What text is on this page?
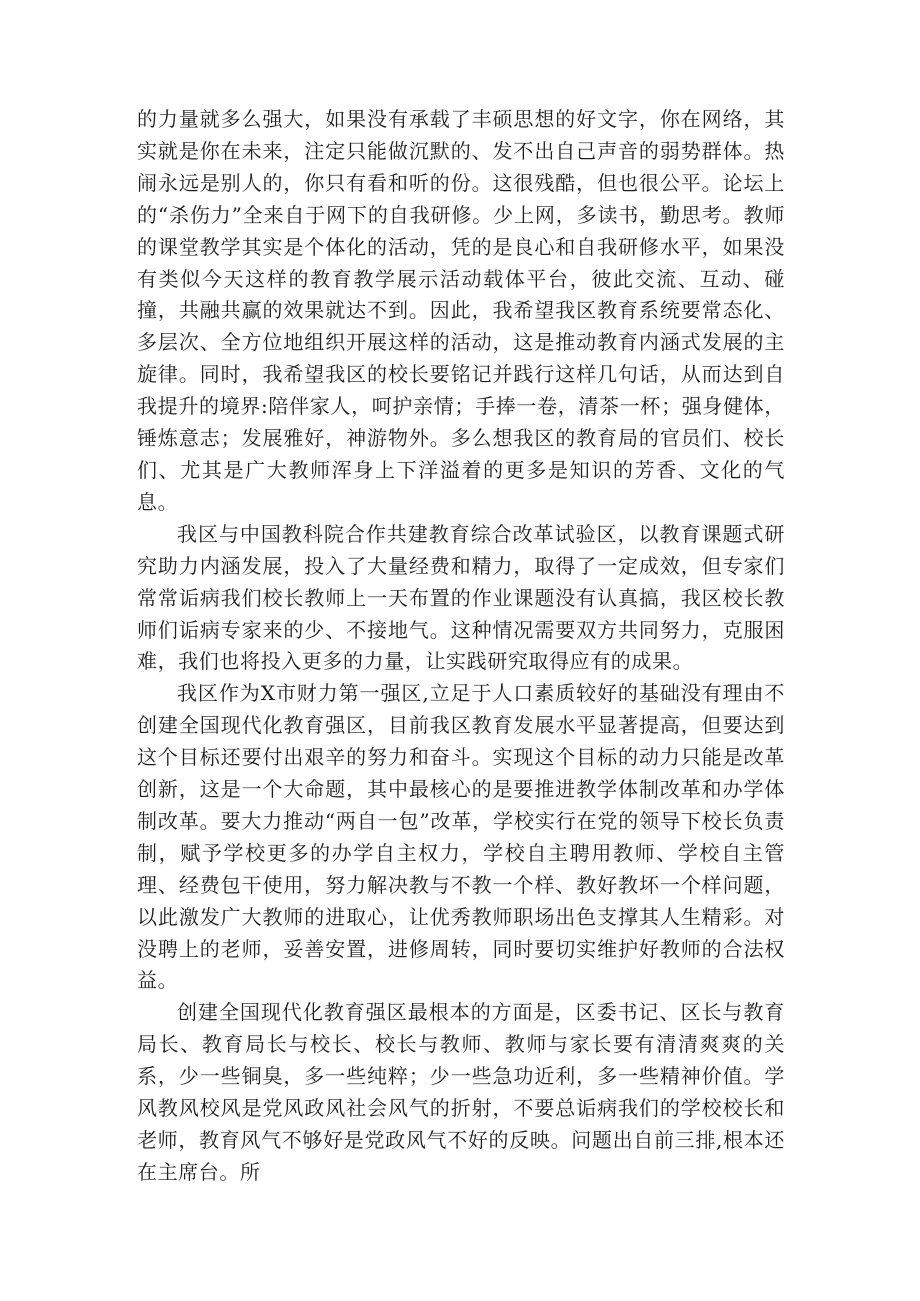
的力量就多么强大，如果没有承载了丰硕思想的好文字，你在网络，其实就是你在未来，注定只能做沉默的、发不出自己声音的弱势群体。热闹永远是别人的，你只有看和听的份。这很残酷，但也很公平。论坛上的“杀伤力”全来自于网下的自我研修。少上网，多读书，勤思考。教师的课堂教学其实是个体化的活动，凭的是良心和自我研修水平，如果没有类似今天这样的教育教学展示活动载体平台，彼此交流、互动、碰撞，共融共赢的效果就达不到。因此，我希望我区教育系统要常态化、多层次、全方位地组织开展这样的活动，这是推动教育内涵式发展的主旋律。同时，我希望我区的校长要铭记并践行这样几句话，从而达到自我提升的境界:陪伴家人，呵护亲情；手捧一卷，清茶一杯；强身健体，锤炼意志；发展雅好，神游物外。多么想我区的教育局的官员们、校长们、尤其是广大教师浑身上下洋溢着的更多是知识的芳香、文化的气息。

我区与中国教科院合作共建教育综合改革试验区，以教育课题式研究助力内涵发展，投入了大量经费和精力，取得了一定成效，但专家们常常诟病我们校长教师上一天布置的作业课题没有认真搞，我区校长教师们诟病专家来的少、不接地气。这种情况需要双方共同努力，克服困难，我们也将投入更多的力量，让实践研究取得应有的成果。

我区作为X市财力第一强区,立足于人口素质较好的基础没有理由不创建全国现代化教育强区，目前我区教育发展水平显著提高，但要达到这个目标还要付出艰辛的努力和奋斗。实现这个目标的动力只能是改革创新，这是一个大命题，其中最核心的是要推进教学体制改革和办学体制改革。要大力推动“两自一包”改革，学校实行在党的领导下校长负责制，赋予学校更多的办学自主权力，学校自主聘用教师、学校自主管理、经费包干使用，努力解决教与不教一个样、教好教坏一个样问题，以此激发广大教师的进取心，让优秀教师职场出色支撑其人生精彩。对没聘上的老师，妥善安置，进修周转，同时要切实维护好教师的合法权益。

创建全国现代化教育强区最根本的方面是，区委书记、区长与教育局长、教育局长与校长、校长与教师、教师与家长要有清清爽爽的关系，少一些铜臭，多一些纯粹；少一些急功近利，多一些精神价值。学风教风校风是党风政风社会风气的折射，不要总诟病我们的学校校长和老师，教育风气不够好是党政风气不好的反映。问题出自前三排,根本还在主席台。所
